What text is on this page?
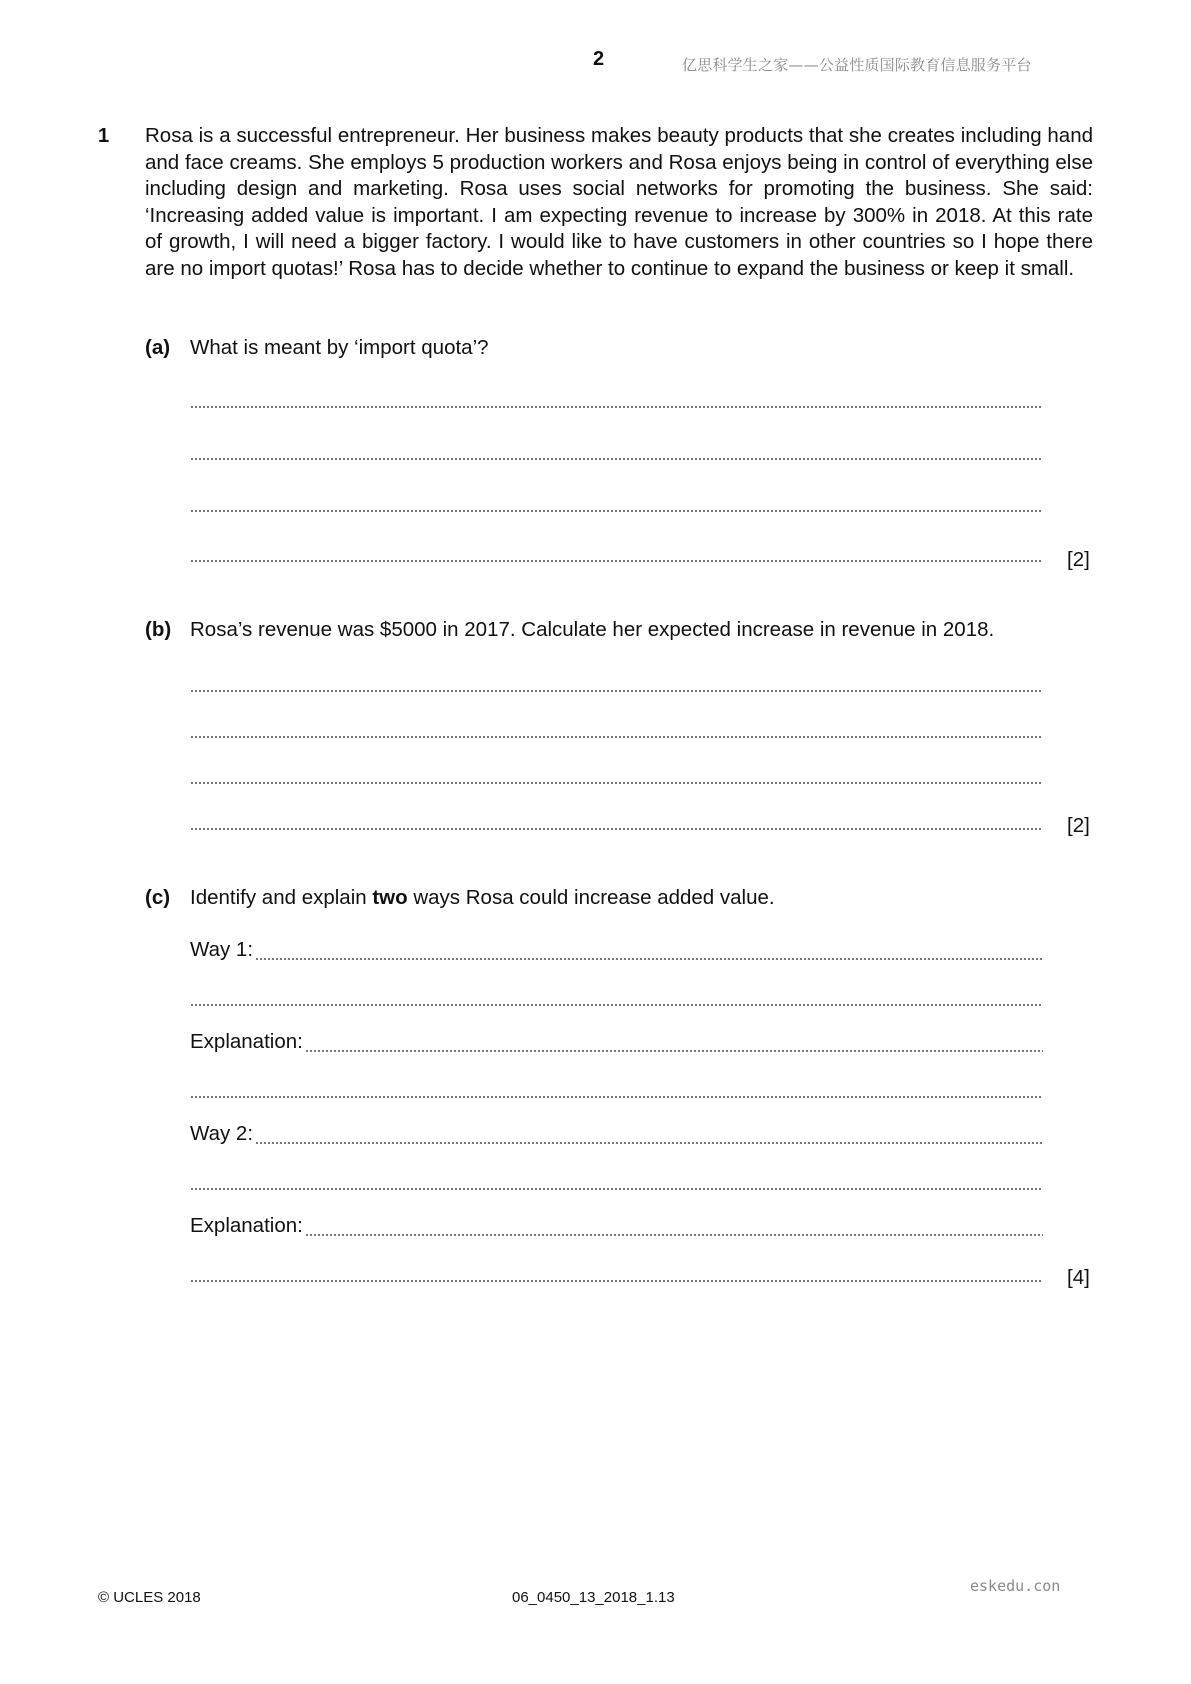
2	亿思科学生之家——公益性质国际教育信息服务平台
1 Rosa is a successful entrepreneur. Her business makes beauty products that she creates including hand and face creams. She employs 5 production workers and Rosa enjoys being in control of everything else including design and marketing. Rosa uses social networks for promoting the business. She said: ‘Increasing added value is important. I am expecting revenue to increase by 300% in 2018. At this rate of growth, I will need a bigger factory. I would like to have customers in other countries so I hope there are no import quotas!’ Rosa has to decide whether to continue to expand the business or keep it small.
(a) What is meant by ‘import quota’?
[2]
(b) Rosa’s revenue was $5000 in 2017. Calculate her expected increase in revenue in 2018.
[2]
(c) Identify and explain two ways Rosa could increase added value.
Way 1:
Explanation:
Way 2:
Explanation:
[4]
© UCLES 2018	06_0450_13_2018_1.13
eskedu.con
